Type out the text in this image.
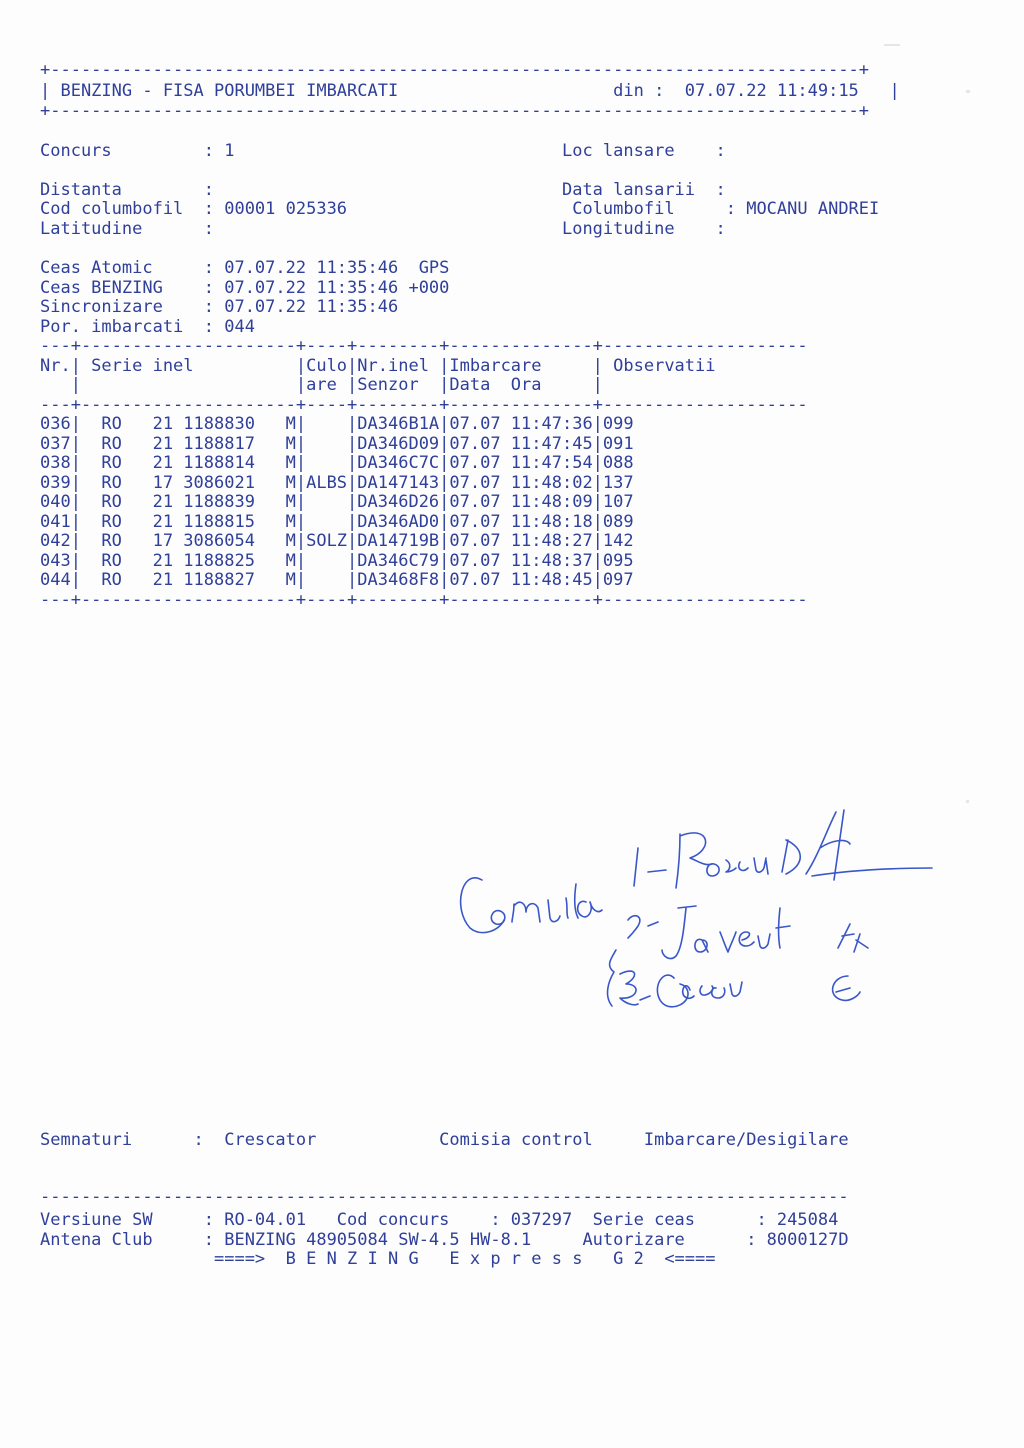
+-------------------------------------------------------------------------------+
| BENZING - FISA PORUMBEI IMBARCATI                     din :  07.07.22 11:49:15   |
+-------------------------------------------------------------------------------+
Concurs         : 1                                Loc lansare    :
Distanta        :                                  Data lansarii  :
Cod columbofil  : 00001 025336                      Columbofil     : MOCANU ANDREI
Latitudine      :                                  Longitudine    :
Ceas Atomic     : 07.07.22 11:35:46  GPS
Ceas BENZING    : 07.07.22 11:35:46 +000
Sincronizare    : 07.07.22 11:35:46
Por. imbarcati  : 044
---+---------------------+----+--------+--------------+--------------------
Nr.| Serie inel          |Culo|Nr.inel |Imbarcare     | Observatii
|                     |are |Senzor  |Data  Ora     |
---+---------------------+----+--------+--------------+--------------------
036|  RO   21 1188830   M|    |DA346B1A|07.07 11:47:36|099
037|  RO   21 1188817   M|    |DA346D09|07.07 11:47:45|091
038|  RO   21 1188814   M|    |DA346C7C|07.07 11:47:54|088
039|  RO   17 3086021   M|ALBS|DA147143|07.07 11:48:02|137
040|  RO   21 1188839   M|    |DA346D26|07.07 11:48:09|107
041|  RO   21 1188815   M|    |DA346AD0|07.07 11:48:18|089
042|  RO   17 3086054   M|SOLZ|DA14719B|07.07 11:48:27|142
043|  RO   21 1188825   M|    |DA346C79|07.07 11:48:37|095
044|  RO   21 1188827   M|    |DA3468F8|07.07 11:48:45|097
---+---------------------+----+--------+--------------+--------------------
Semnaturi      :  Crescator            Comisia control     Imbarcare/Desigilare
-------------------------------------------------------------------------------
Versiune SW     : RO-04.01   Cod concurs    : 037297  Serie ceas      : 245084
Antena Club     : BENZING 48905084 SW-4.5 HW-8.1     Autorizare      : 8000127D
====>  B E N Z I N G   E x p r e s s   G 2  <====
